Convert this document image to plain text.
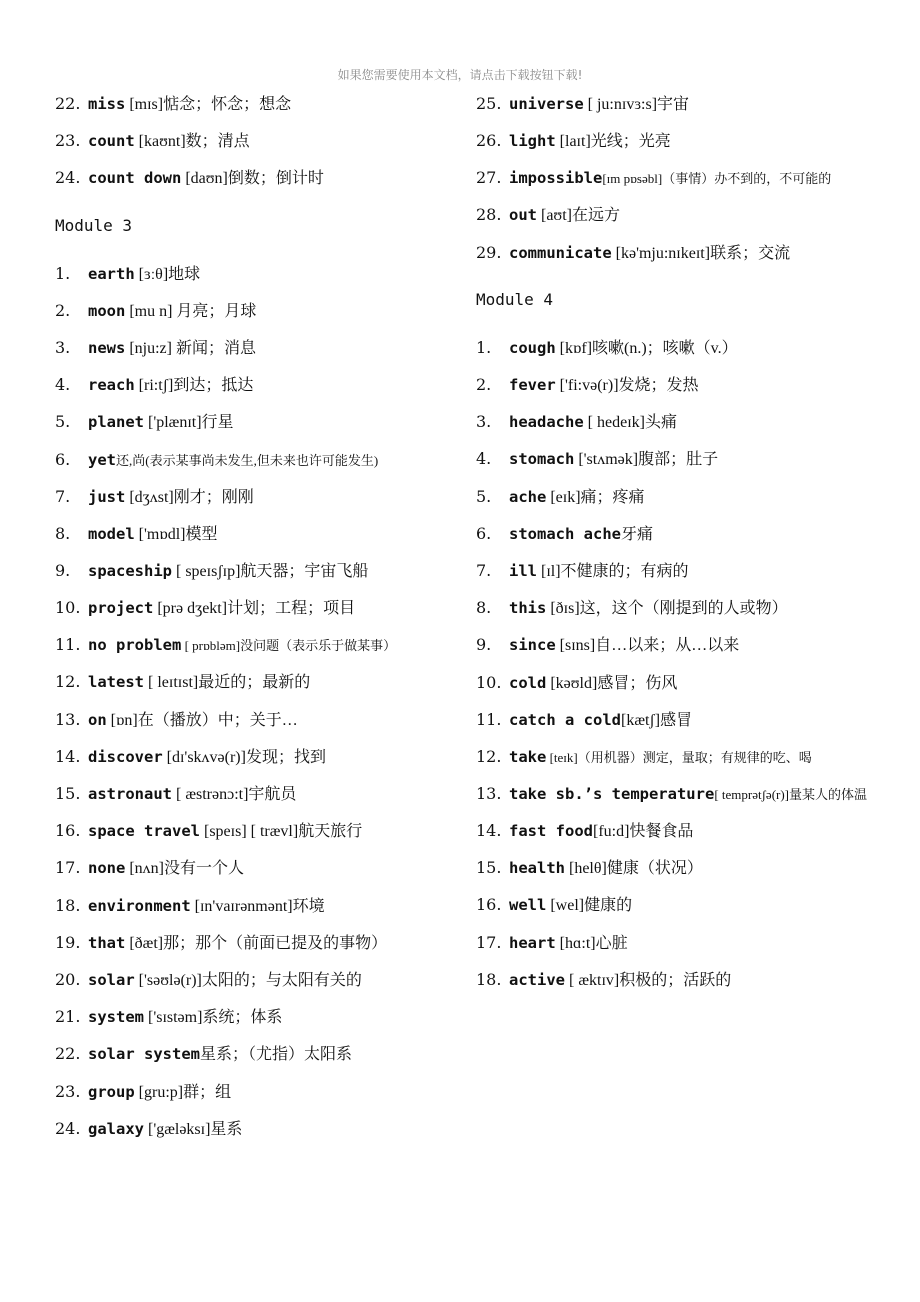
如果您需要使用本文档，请点击下载按钮下载!
22. miss [mɪs]惦念；怀念；想念
23. count [kaʊnt]数；清点
24. count down [daʊn]倒数；倒计时
Module 3
1.	earth [ɜːθ]地球
2.	moon [mu n] 月亮；月球
3.	news [nju:z] 新闻；消息
4.	reach [ri:tʃ]到达；抵达
5.	planet ['plænɪt]行星
6.	yet还,尚(表示某事尚未发生,但未来也许可能发生)
7.	just [dʒʌst]刚才；刚刚
8.	model ['mɒdl]模型
9.	spaceship [ speɪsʃɪp]航天器；宇宙飞船
10. project [prə dʒekt]计划；工程；项目
11. no problem [ prɒbləm]没问题（表示乐于做某事）
12. latest [ leɪtɪst]最近的；最新的
13. on [ɒn]在（播放）中；关于…
14. discover [dɪ'skʌvə(r)]发现；找到
15. astronaut [ æstrənɔ:t]宇航员
16. space travel [speɪs] [ trævl]航天旅行
17. none [nʌn]没有一个人
18. environment [ɪn'vaɪrənmənt]环境
19. that [ðæt]那；那个（前面已提及的事物）
20. solar ['səʊlə(r)]太阳的；与太阳有关的
21. system ['sɪstəm]系统；体系
22. solar system星系；（尤指）太阳系
23. group [gru:p]群；组
24. galaxy ['gæləksɪ]星系
25. universe [ ju:nɪvɜ:s]宇宙
26. light [laɪt]光线；光亮
27. impossible[ɪm pɒsəbl]（事情）办不到的，不可能的
28. out [aʊt]在远方
29. communicate [kə'mju:nɪkeɪt]联系；交流
Module 4
1.	cough [kɒf]咳嗽(n.)；咳嗽（v.）
2.	fever ['fi:və(r)]发烧；发热
3.	headache [ hedeɪk]头痛
4.	stomach ['stʌmək]腹部；肚子
5.	ache [eɪk]痛；疼痛
6.	stomach ache牙痛
7.	ill [ɪl]不健康的；有病的
8.	this [ðɪs]这，这个（刚提到的人或物）
9.	since [sɪns]自…以来；从…以来
10. cold [kəʊld]感冒；伤风
11. catch a cold[kætʃ]感冒
12. take [teɪk]（用机器）测定，量取；有规律的吃、喝
13. take sb.’s temperature[ temprətʃə(r)]量某人的体温
14. fast food[fu:d]快餐食品
15. health [helθ]健康（状况）
16. well [wel]健康的
17. heart [hɑ:t]心脏
18. active [ æktɪv]积极的；活跃的
